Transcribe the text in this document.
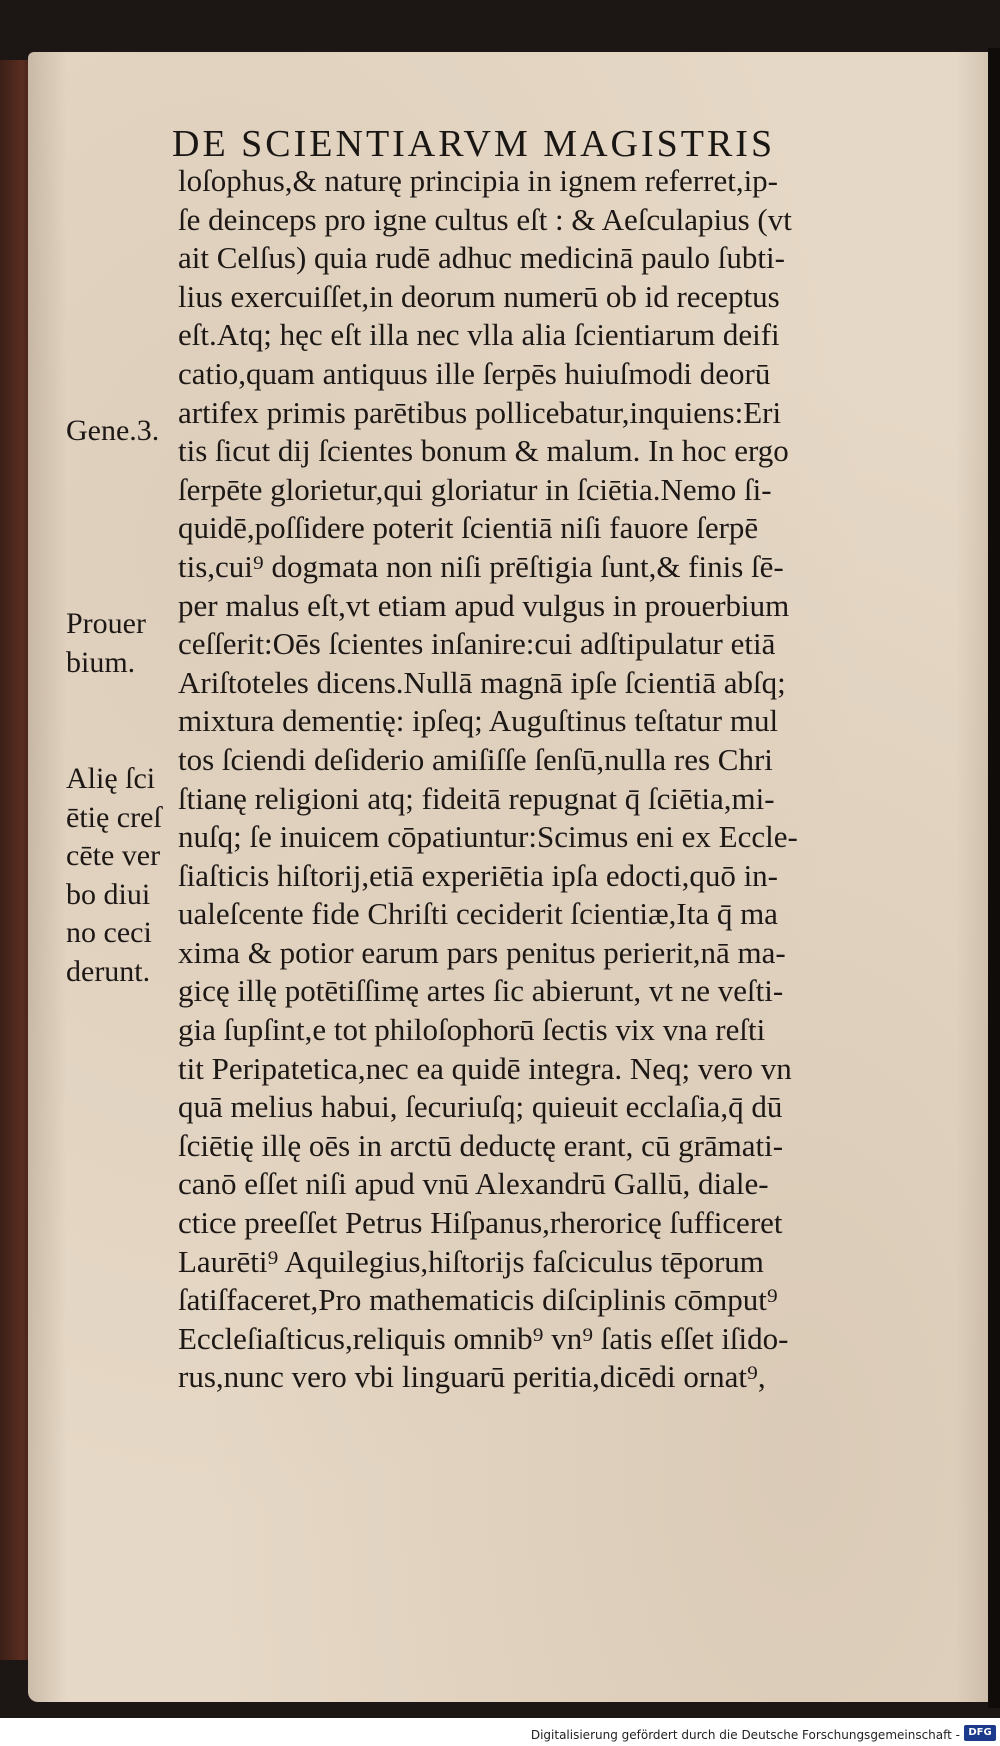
DE SCIENTIARVM MAGISTRIS
loſophus,& naturę principia in ignem referret,ip-
ſe deinceps pro igne cultus eſt : & Aeſculapius (vt
ait Celſus) quia rudē adhuc medicinā paulo ſubti-
lius exercuiſſet,in deorum numerū ob id receptus
eſt.Atq; hęc eſt illa nec vlla alia ſcientiarum deifi
catio,quam antiquus ille ſerpēs huiuſmodi deorū
artifex primis parētibus pollicebatur,inquiens:Eri
tis ſicut dij ſcientes bonum & malum. In hoc ergo
ſerpēte glorietur,qui gloriatur in ſciētia.Nemo ſi-
quidē,poſſidere poterit ſcientiā niſi fauore ſerpē
tis,cui⁹ dogmata non niſi prēſtigia ſunt,& finis ſē-
per malus eſt,vt etiam apud vulgus in prouerbium
ceſſerit:Oēs ſcientes inſanire:cui adſtipulatur etiā
Ariſtoteles dicens.Nullā magnā ipſe ſcientiā abſq;
mixtura dementię: ipſeq; Auguſtinus teſtatur mul
tos ſciendi deſiderio amiſiſſe ſenſū,nulla res Chri
ſtianę religioni atq; fideitā repugnat q̄ ſciētia,mi-
nuſq; ſe inuicem cōpatiuntur:Scimus eni ex Eccle-
ſiaſticis hiſtorij,etiā experiētia ipſa edocti,quō in-
ualeſcente fide Chriſti ceciderit ſcientiæ,Ita q̄ ma
xima & potior earum pars penitus perierit,nā ma-
gicę illę potētiſſimę artes ſic abierunt, vt ne veſti-
gia ſupſint,e tot philoſophorū ſectis vix vna reſti
tit Peripatetica,nec ea quidē integra. Neq; vero vn
quā melius habui, ſecuriuſq; quieuit ecclaſia,q̄ dū
ſciētię illę oēs in arctū deductę erant, cū grāmati-
canō eſſet niſi apud vnū Alexandrū Gallū, diale-
ctice preeſſet Petrus Hiſpanus,rheroricę ſufficeret
Laurēti⁹ Aquilegius,hiſtorijs faſciculus tēporum
ſatiſfaceret,Pro mathematicis diſciplinis cōmput⁹
Eccleſiaſticus,reliquis omnib⁹ vn⁹ ſatis eſſet iſido-
rus,nunc vero vbi linguarū peritia,dicēdi ornat⁹,
Gene.3.
Prouer
bium.
Alię ſci
ētię creſ
cēte ver
bo diui
no ceci
derunt.
Digitalisierung gefördert durch die Deutsche Forschungsgemeinschaft - DFG
